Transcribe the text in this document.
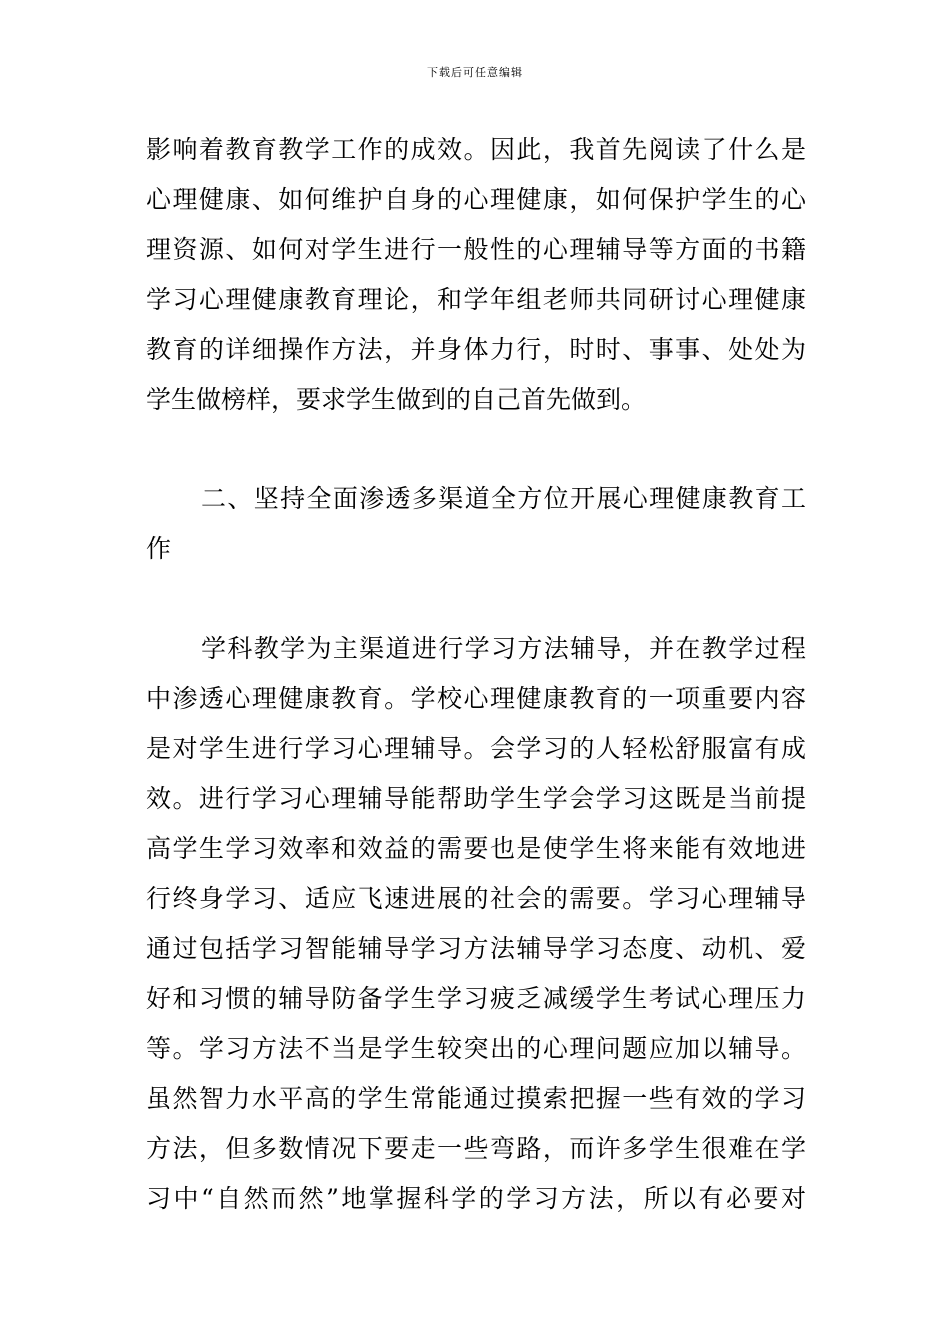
下载后可任意编辑
影响着教育教学工作的成效。因此，我首先阅读了什么是
心理健康、如何维护自身的心理健康，如何保护学生的心
理资源、如何对学生进行一般性的心理辅导等方面的书籍
学习心理健康教育理论，和学年组老师共同研讨心理健康
教育的详细操作方法，并身体力行，时时、事事、处处为
学生做榜样，要求学生做到的自己首先做到。
二、坚持全面渗透多渠道全方位开展心理健康教育工
作
学科教学为主渠道进行学习方法辅导，并在教学过程
中渗透心理健康教育。学校心理健康教育的一项重要内容
是对学生进行学习心理辅导。会学习的人轻松舒服富有成
效。进行学习心理辅导能帮助学生学会学习这既是当前提
高学生学习效率和效益的需要也是使学生将来能有效地进
行终身学习、适应飞速进展的社会的需要。学习心理辅导
通过包括学习智能辅导学习方法辅导学习态度、动机、爱
好和习惯的辅导防备学生学习疲乏减缓学生考试心理压力
等。学习方法不当是学生较突出的心理问题应加以辅导。
虽然智力水平高的学生常能通过摸索把握一些有效的学习
方法，但多数情况下要走一些弯路，而许多学生很难在学
习中“自然而然”地掌握科学的学习方法，所以有必要对
